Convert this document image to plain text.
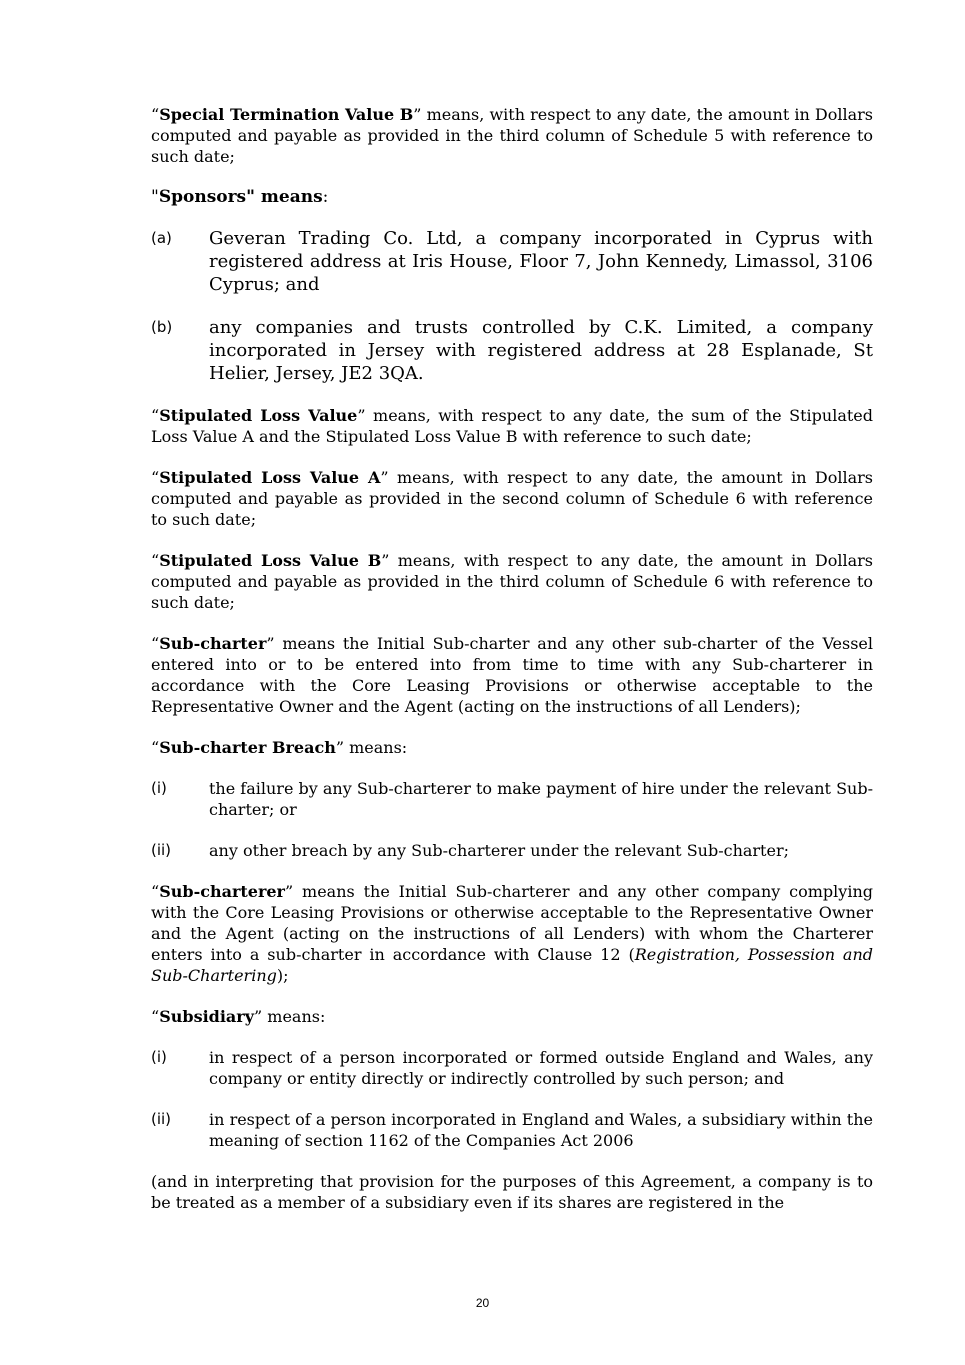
“Special Termination Value B” means, with respect to any date, the amount in Dollars computed and payable as provided in the third column of Schedule 5 with reference to such date;

"Sponsors" means:

(a)	Geveran Trading Co. Ltd, a company incorporated in Cyprus with registered address at Iris House, Floor 7, John Kennedy, Limassol, 3106 Cyprus; and
(b)	any companies and trusts controlled by C.K. Limited, a company incorporated in Jersey with registered address at 28 Esplanade, St Helier, Jersey, JE2 3QA.

“Stipulated Loss Value” means, with respect to any date, the sum of the Stipulated Loss Value A and the Stipulated Loss Value B with reference to such date;

“Stipulated Loss Value A” means, with respect to any date, the amount in Dollars computed and payable as provided in the second column of Schedule 6 with reference to such date;

“Stipulated Loss Value B” means, with respect to any date, the amount in Dollars computed and payable as provided in the third column of Schedule 6 with reference to such date;

“Sub-charter” means the Initial Sub-charter and any other sub-charter of the Vessel entered into or to be entered into from time to time with any Sub-charterer in accordance with the Core Leasing Provisions or otherwise acceptable to the Representative Owner and the Agent (acting on the instructions of all Lenders);

“Sub-charter Breach” means:

(i)	the failure by any Sub-charterer to make payment of hire under the relevant Sub-charter; or
(ii)	any other breach by any Sub-charterer under the relevant Sub-charter;

“Sub-charterer” means the Initial Sub-charterer and any other company complying with the Core Leasing Provisions or otherwise acceptable to the Representative Owner and the Agent (acting on the instructions of all Lenders) with whom the Charterer enters into a sub-charter in accordance with Clause 12 (Registration, Possession and Sub-Chartering);

“Subsidiary” means:

(i)	in respect of a person incorporated or formed outside England and Wales, any company or entity directly or indirectly controlled by such person; and
(ii)	in respect of a person incorporated in England and Wales, a subsidiary within the meaning of section 1162 of the Companies Act 2006

(and in interpreting that provision for the purposes of this Agreement, a company is to be treated as a member of a subsidiary even if its shares are registered in the

20
